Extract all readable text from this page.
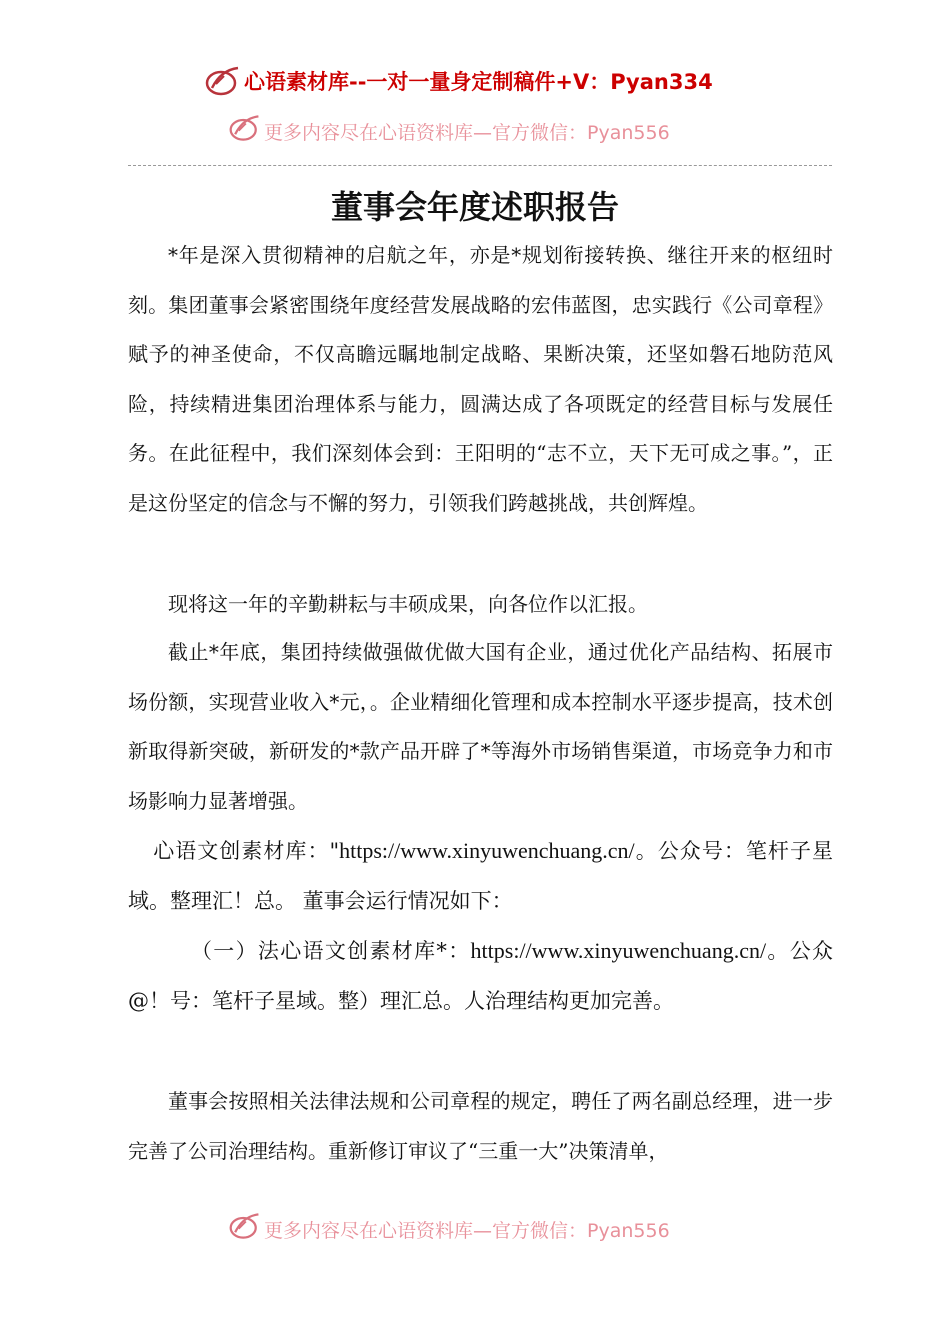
心语素材库--一对一量身定制稿件+V：Pyan334
更多内容尽在心语资料库—官方微信：Pyan556
董事会年度述职报告
*年是深入贯彻精神的启航之年，亦是*规划衔接转换、继往开来的枢纽时刻。集团董事会紧密围绕年度经营发展战略的宏伟蓝图，忠实践行《公司章程》赋予的神圣使命，不仅高瞻远瞩地制定战略、果断决策，还坚如磐石地防范风险，持续精进集团治理体系与能力，圆满达成了各项既定的经营目标与发展任务。在此征程中，我们深刻体会到：王阳明的“志不立，天下无可成之事。”，正是这份坚定的信念与不懈的努力，引领我们跨越挑战，共创辉煌。
现将这一年的辛勤耕耘与丰硕成果，向各位作以汇报。
截止*年底，集团持续做强做优做大国有企业，通过优化产品结构、拓展市场份额，实现营业收入*元，。企业精细化管理和成本控制水平逐步提高，技术创新取得新突破，新研发的*款产品开辟了*等海外市场销售渠道，市场竞争力和市场影响力显著增强。
心语文创素材库："https://www.xinyuwenchuang.cn/。公众号：笔杆子星域。整理汇！总。 董事会运行情况如下：
（一）法心语文创素材库*：https://www.xinyuwenchuang.cn/。公众@！号：笔杆子星域。整）理汇总。人治理结构更加完善。
董事会按照相关法律法规和公司章程的规定，聘任了两名副总经理，进一步完善了公司治理结构。重新修订审议了“三重一大”决策清单，
更多内容尽在心语资料库—官方微信：Pyan556
